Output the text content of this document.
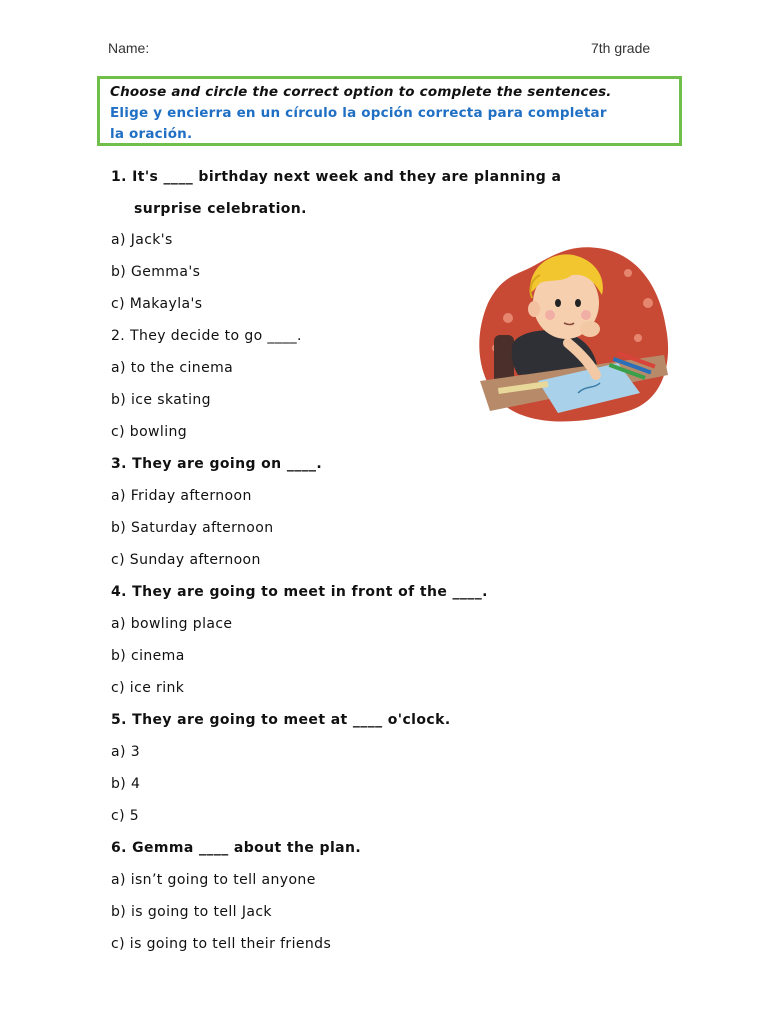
Name:	7th grade
Choose and circle the correct option to complete the sentences.
Elige y encierra en un círculo la opción correcta para completar
la oración.
1. It's ____ birthday next week and they are planning a
surprise celebration.
a) Jack's
b) Gemma's
c) Makayla's
2. They decide to go ____.
a) to the cinema
b) ice skating
c) bowling
3. They are going on ____.
a) Friday afternoon
b) Saturday afternoon
c) Sunday afternoon
4. They are going to meet in front of the ____.
a) bowling place
b) cinema
c) ice rink
5. They are going to meet at ____ o'clock.
a) 3
b) 4
c) 5
6. Gemma ____ about the plan.
a) isn’t going to tell anyone
b) is going to tell Jack
c) is going to tell their friends
